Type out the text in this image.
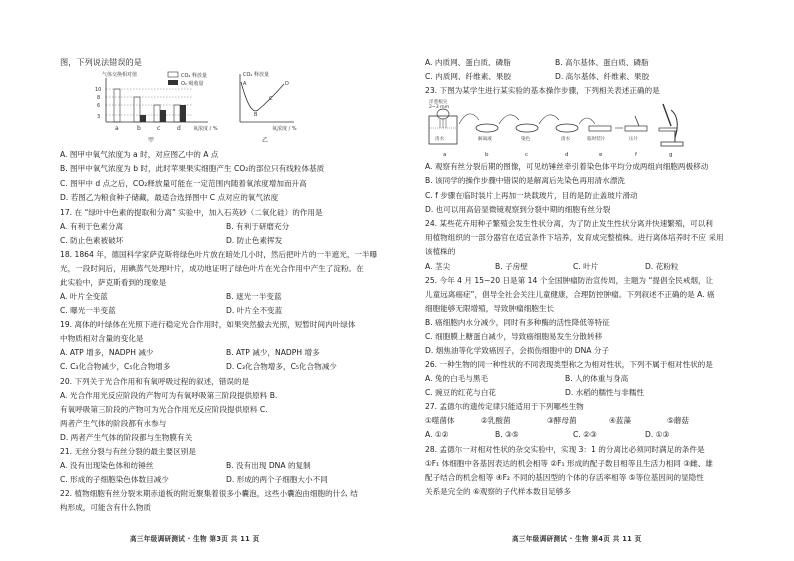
图，下列说法错误的是
气体交换相对值	CO₂ 释放量
O₂ 吸收量
10
8
6
3
a	b	c	d 氧浓度 / %
甲
CO₂ 释放量
A
B
C
D
氧浓度 / %
乙
A. 图甲中氧气浓度为 a 时，对应图乙中的 A 点
B. 图甲中氧气浓度为 b 时，此时苹果果实细胞产生 CO₂的部位只有线粒体基质
C. 图甲中 d 点之后，CO₂释放量可能在一定范围内随着氧浓度增加而升高
D. 若图乙为粮食种子储藏，最适合选择图中 C 点对应的氧气浓度
17. 在 “绿叶中色素的提取和分离” 实验中，加入石英砂（二氧化硅）的作用是
A. 有利于色素分离	B. 有利于研磨充分
C. 防止色素被破坏	D. 防止色素挥发
18. 1864 年，德国科学家萨克斯将绿色叶片放在暗处几小时，然后把叶片的一半遮光，一半曝
光，一段时间后，用碘蒸气处理叶片，成功地证明了绿色叶片在光合作用中产生了淀粉。在
此实验中，萨克斯看到的现象是
A. 叶片全变蓝	B. 遮光一半变蓝
C. 曝光一半变蓝	D. 叶片全不变蓝
19. 离体的叶绿体在光照下进行稳定光合作用时，如果突然撤去光照，短暂时间内叶绿体
中物质相对含量的变化是
A. ATP 增多，NADPH 减少	B. ATP 减少，NADPH 增多
C. C₃化合物减少，C₅化合物增多	D. C₃化合物增多，C₅化合物减少
20. 下列关于光合作用和有氧呼吸过程的叙述，错误的是
A. 光合作用光反应阶段的产物可为有氧呼吸第三阶段提供原料 B.
有氧呼吸第三阶段的产物可为光合作用光反应阶段提供原料 C.
两者产生气体的阶段都有水参与
D. 两者产生气体的阶段都与生物膜有关
21. 无丝分裂与有丝分裂的最主要区别是
A. 没有出现染色体和纺锤丝	B. 没有出现 DNA 的复制
C. 形成的子细胞染色体数目减少	D. 形成的两个子细胞大小不同
22. 植物细胞有丝分裂末期赤道板的附近聚集着很多小囊泡，这些小囊泡由细胞的什么 结
构形成，可能含有什么物质
高三年级调研测试 · 生物 第3页 共 11 页
A. 内质网、蛋白质、磷脂	B. 高尔基体、蛋白质、磷脂
C. 内质网、纤维素、果胶	D. 高尔基体、纤维素、果胶
23. 下图为某学生进行某实验的基本操作步骤，下列相关表述正确的是
洋葱根尖
2~3 mm
清水	解离液	染色	清水	临时装片	压片
a	b	c	d	e	f	g
A. 观察有丝分裂后期的图像，可见纺锤丝牵引着染色体平均分成两组向细胞两极移动
B. 该同学的操作步骤中错误的是解离后先染色再用清水漂洗
C. f 步骤在临时装片上再加一块载玻片，目的是防止盖玻片滑动
D. 也可以用高倍显微镜观察到分裂中期的细胞有丝分裂
24. 某些花卉用种子繁殖会发生性状分离，为了防止发生性状分离并快速繁殖，可以利
用植物组织的一部分器官在适宜条件下培养，发育成完整植株。进行离体培养时不应 采用
该植株的
A. 茎尖	B. 子房壁	C. 叶片	D. 花粉粒
25. 今年 4 月 15~20 日是第 14 个全国肿瘤防治宣传周，主题为 “提倡全民戒烟，让
儿童远离癌症”，倡导全社会关注儿童健康，合理防控肿瘤。下列叙述不正确的是 A. 癌
细胞能够无限增殖，导致肿瘤细胞生长
B. 癌细胞内水分减少，同时有多种酶的活性降低等特征
C. 细胞膜上糖蛋白减少，导致癌细胞易发生分散转移
D. 烟焦油等化学致癌因子，会损伤细胞中的 DNA 分子
26. 一种生物的同一种性状的不同表现类型称之为相对性状，下列不属于相对性状的是
A. 兔的白毛与黑毛	B. 人的体重与身高
C. 豌豆的红花与白花	D. 水稻的糯性与非糯性
27. 孟德尔的遗传定律只能适用于下列哪些生物
①噬菌体	②乳酸菌	③酵母菌	④蓝藻	⑤蘑菇
A. ①②	B. ③⑤	C. ②③	D. ①③
28. 孟德尔一对相对性状的杂交实验中，实现 3：1 的分离比必须同时满足的条件是
①F₁ 体细胞中各基因表达的机会相等 ②F₁ 形成的配子数目相等且生活力相同 ③雌、雄
配子结合的机会相等 ④F₂ 不同的基因型的个体的存活率相等 ⑤等位基因间的显隐性
关系是完全的 ⑥观察的子代样本数目足够多
高三年级调研测试 · 生物 第4页 共 11 页
